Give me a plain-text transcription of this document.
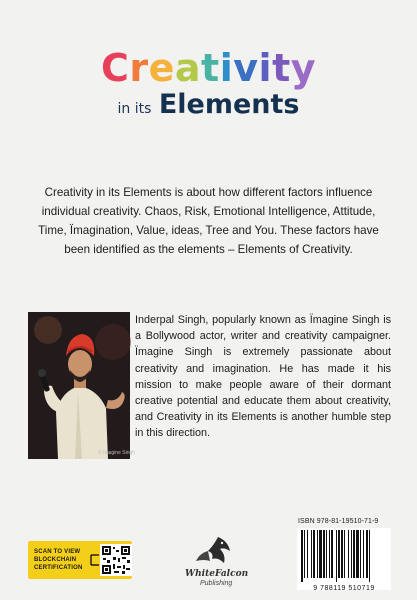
Creativity
in its Elements

Creativity in its Elements is about how different factors influence individual creativity. Chaos, Risk, Emotional Intelligence, Attitude, Time, Ïmagination, Value, ideas, Tree and You. These factors have been identified as the elements – Elements of Creativity.

© Ïmagine Singh

Inderpal Singh, popularly known as Ïmagine Singh is a Bollywood actor, writer and creativity campaigner. Ïmagine Singh is extremely passionate about creativity and imagination. He has made it his mission to make people aware of their dormant creative potential and educate them about creativity, and Creativity in its Elements is another humble step in this direction.

SCAN TO VIEW BLOCKCHAIN CERTIFICATION
WhiteFalcon
Publishing
ISBN 978-81-19510-71-9
9 788119 510719
